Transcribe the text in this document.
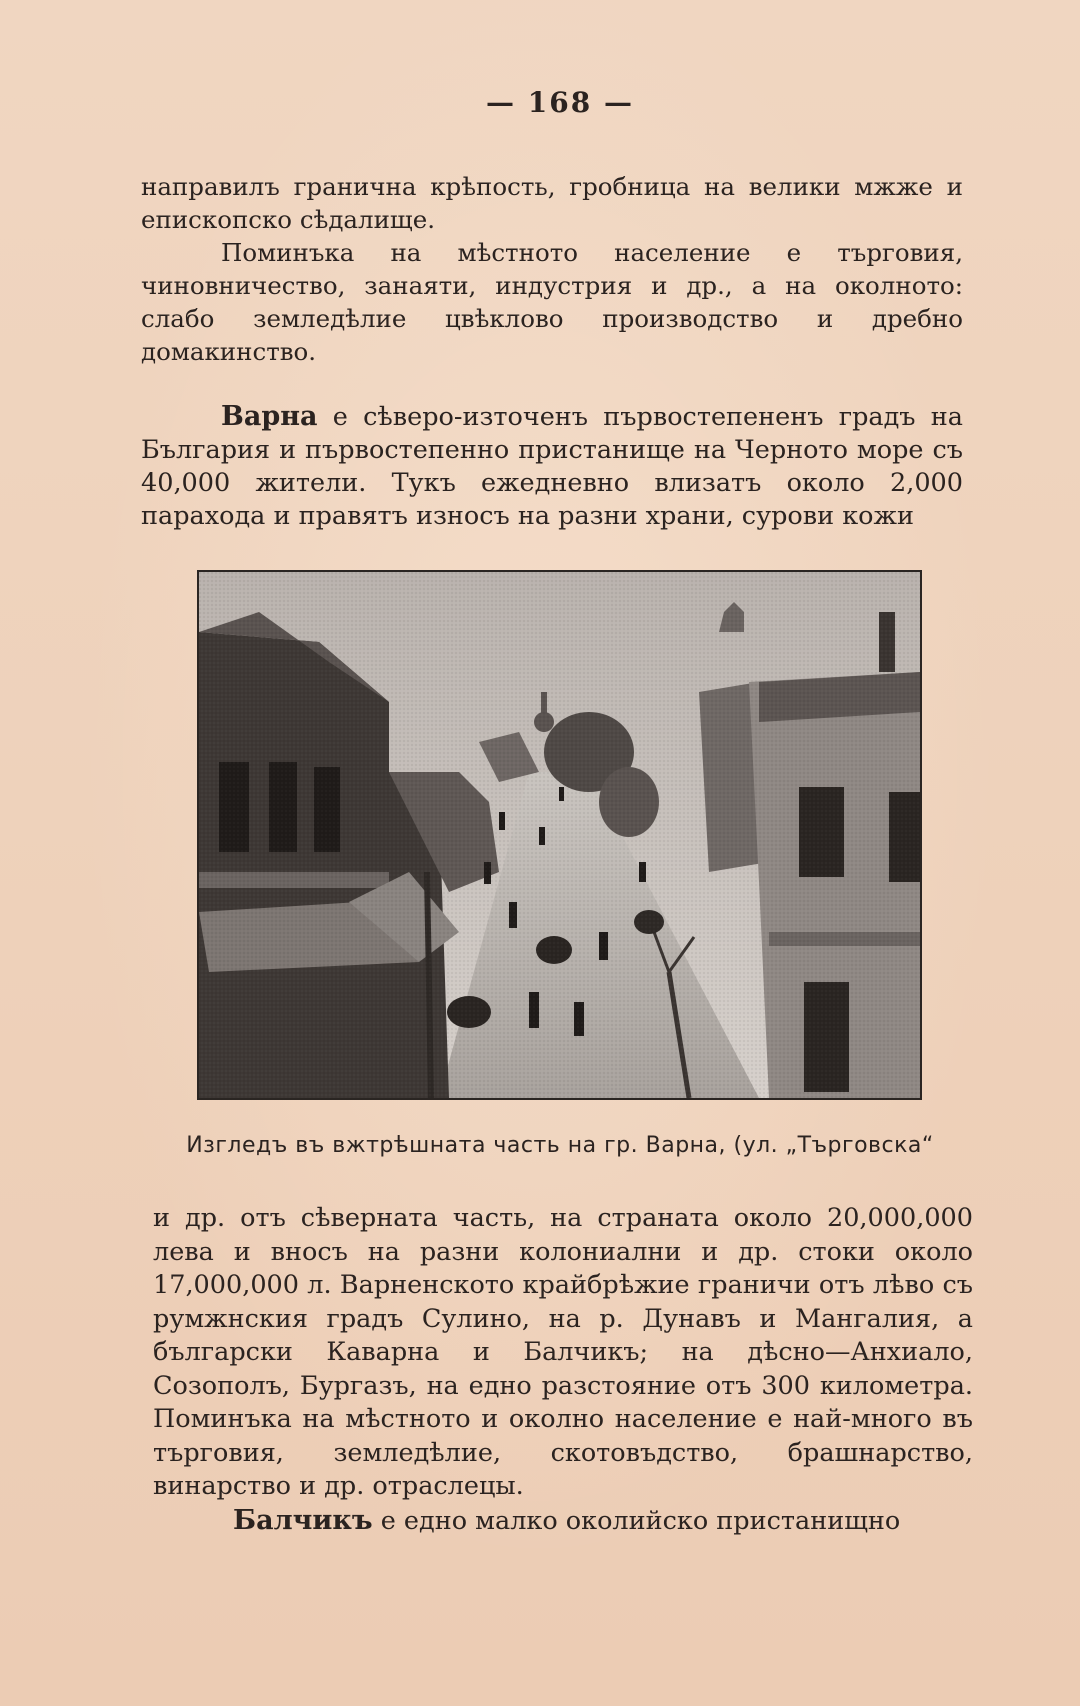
— 168 —

направилъ гранична крѣпость, гробница на велики мжже и епископско сѣдалище.

Поминъка на мѣстното население е търговия, чиновничество, занаяти, индустрия и др., а на околното: слабо земледѣлие цвѣклово производство и дребно домакинство.

Варна е сѣверо-източенъ първостепененъ градъ на България и първостепенно пристанище на Черното море съ 40,000 жители. Тукъ ежедневно влизатъ около 2,000 парахода и правятъ износъ на разни храни, сурови кожи

Изгледъ въ вжтрѣшната часть на гр. Варна, (ул. „Търговска“

и др. отъ сѣверната часть, на страната около 20,000,000 лева и вносъ на разни колониални и др. стоки около 17,000,000 л. Варненското крайбрѣжие граничи отъ лѣво съ румжнския градъ Сулино, на р. Дунавъ и Мангалия, а български Каварна и Балчикъ; на дѣсно—Анхиало, Созополъ, Бургазъ, на едно разстояние отъ 300 километра. Поминъка на мѣстното и околно население е най-много въ търговия, земледѣлие, скотовъдство, брашнарство, винарство и др. отраслецы.

Балчикъ е едно малко околийско пристанищно
